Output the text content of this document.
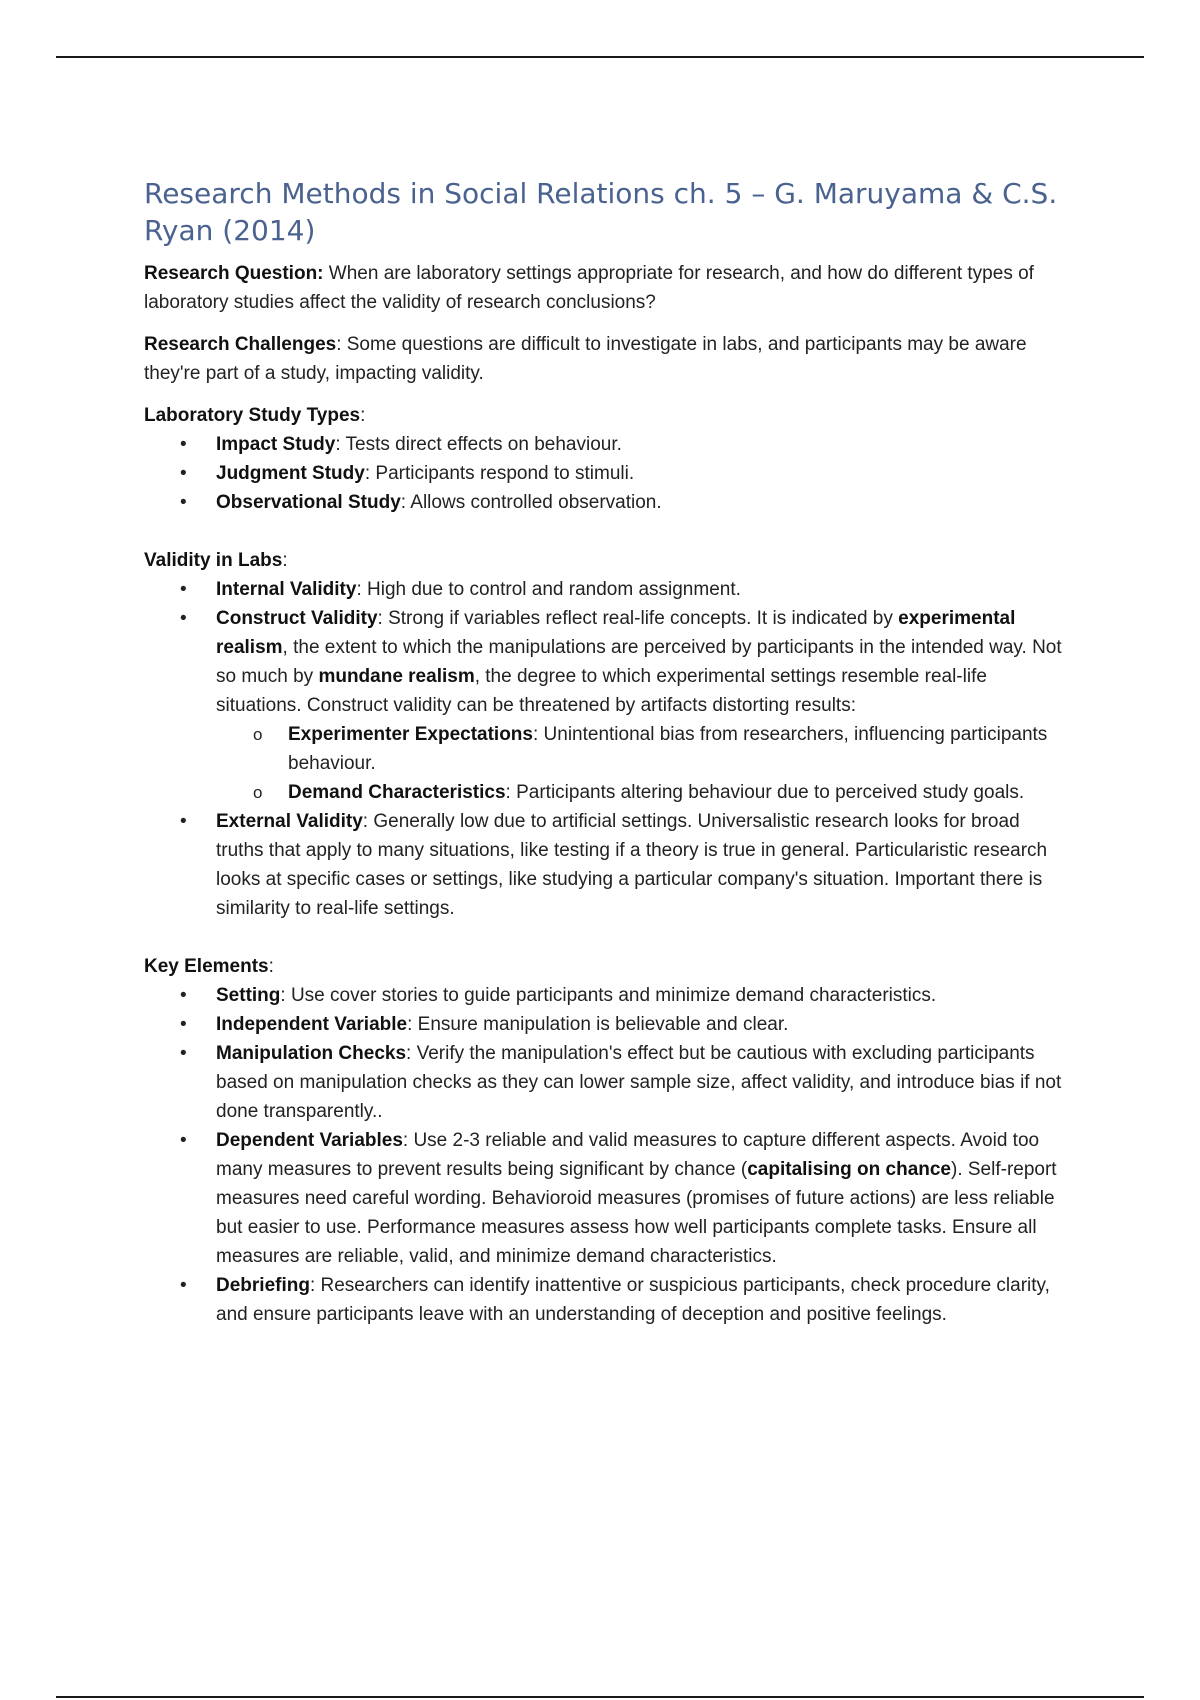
Research Methods in Social Relations ch. 5 – G. Maruyama & C.S. Ryan (2014)

Research Question: When are laboratory settings appropriate for research, and how do different types of laboratory studies affect the validity of research conclusions?

Research Challenges: Some questions are difficult to investigate in labs, and participants may be aware they're part of a study, impacting validity.

Laboratory Study Types:
• Impact Study: Tests direct effects on behaviour.
• Judgment Study: Participants respond to stimuli.
• Observational Study: Allows controlled observation.
Validity in Labs:
• Internal Validity: High due to control and random assignment.
• Construct Validity: Strong if variables reflect real-life concepts. It is indicated by experimental realism, the extent to which the manipulations are perceived by participants in the intended way. Not so much by mundane realism, the degree to which experimental settings resemble real-life situations. Construct validity can be threatened by artifacts distorting results:
o Experimenter Expectations: Unintentional bias from researchers, influencing participants behaviour.
o Demand Characteristics: Participants altering behaviour due to perceived study goals.
• External Validity: Generally low due to artificial settings. Universalistic research looks for broad truths that apply to many situations, like testing if a theory is true in general. Particularistic research looks at specific cases or settings, like studying a particular company's situation. Important there is similarity to real-life settings.
Key Elements:
• Setting: Use cover stories to guide participants and minimize demand characteristics.
• Independent Variable: Ensure manipulation is believable and clear.
• Manipulation Checks: Verify the manipulation's effect but be cautious with excluding participants based on manipulation checks as they can lower sample size, affect validity, and introduce bias if not done transparently..
• Dependent Variables: Use 2-3 reliable and valid measures to capture different aspects. Avoid too many measures to prevent results being significant by chance (capitalising on chance). Self-report measures need careful wording. Behavioroid measures (promises of future actions) are less reliable but easier to use. Performance measures assess how well participants complete tasks. Ensure all measures are reliable, valid, and minimize demand characteristics.
• Debriefing: Researchers can identify inattentive or suspicious participants, check procedure clarity, and ensure participants leave with an understanding of deception and positive feelings.
